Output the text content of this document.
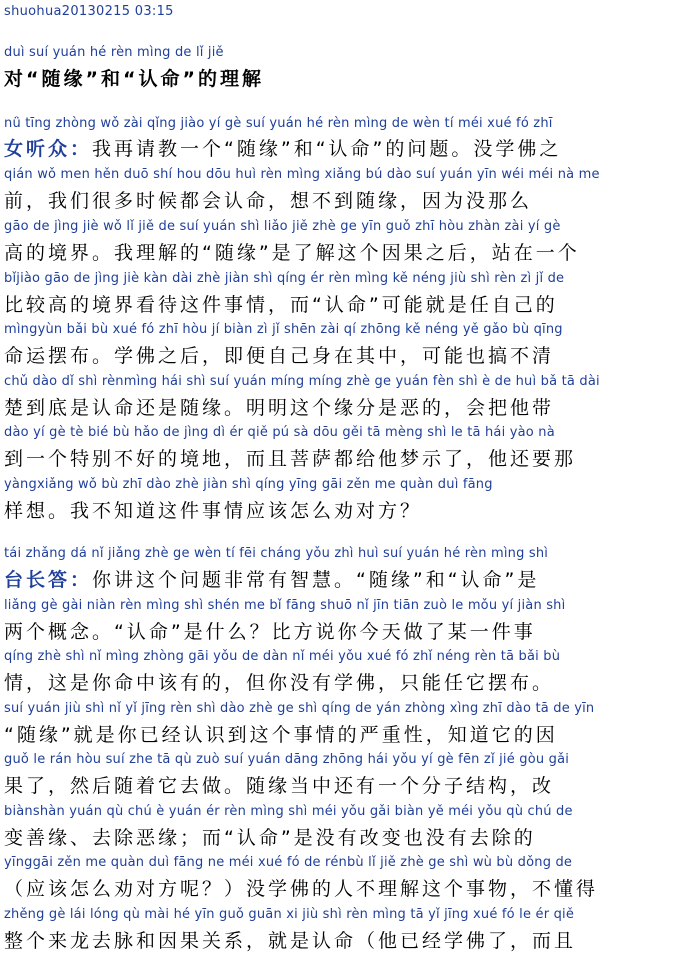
shuohua20130215 03:15
duì suí yuán hé rèn mìng de lǐ jiě
对“随缘”和“认命”的理解
nǚ tīng zhòng wǒ zài qǐng jiào yí gè suí yuán hé rèn mìng de wèn tí méi xué fó zhī
女听众：我再请教一个“随缘”和“认命”的问题。没学佛之
qián wǒ men hěn duō shí hou dōu huì rèn mìng xiǎng bú dào suí yuán yīn wéi méi nà me
前，我们很多时候都会认命，想不到随缘，因为没那么
gāo de jìng jiè wǒ lǐ jiě de suí yuán shì liǎo jiě zhè ge yīn guǒ zhī hòu zhàn zài yí gè
高的境界。我理解的“随缘”是了解这个因果之后，站在一个
bǐjiào gāo de jìng jiè kàn dài zhè jiàn shì qíng ér rèn mìng kě néng jiù shì rèn zì jǐ de
比较高的境界看待这件事情，而“认命”可能就是任自己的
mìngyùn bǎi bù xué fó zhī hòu jí biàn zì jǐ shēn zài qí zhōng kě néng yě gǎo bù qīng
命运摆布。学佛之后，即便自己身在其中，可能也搞不清
chǔ dào dǐ shì rènmìng hái shì suí yuán míng míng zhè ge yuán fèn shì è de huì bǎ tā dài
楚到底是认命还是随缘。明明这个缘分是恶的，会把他带
dào yí gè tè bié bù hǎo de jìng dì ér qiě pú sà dōu gěi tā mèng shì le tā hái yào nà
到一个特别不好的境地，而且菩萨都给他梦示了，他还要那
yàngxiǎng wǒ bù zhī dào zhè jiàn shì qíng yīng gāi zěn me quàn duì fāng
样想。我不知道这件事情应该怎么劝对方？
tái zhǎng dá nǐ jiǎng zhè ge wèn tí fēi cháng yǒu zhì huì suí yuán hé rèn mìng shì
台长答：你讲这个问题非常有智慧。“随缘”和“认命”是
liǎng gè gài niàn rèn mìng shì shén me bǐ fāng shuō nǐ jīn tiān zuò le mǒu yí jiàn shì
两个概念。“认命”是什么？比方说你今天做了某一件事
qíng zhè shì nǐ mìng zhòng gāi yǒu de dàn nǐ méi yǒu xué fó zhǐ néng rèn tā bǎi bù
情，这是你命中该有的，但你没有学佛，只能任它摆布。
suí yuán jiù shì nǐ yǐ jīng rèn shì dào zhè ge shì qíng de yán zhòng xìng zhī dào tā de yīn
“随缘”就是你已经认识到这个事情的严重性，知道它的因
guǒ le rán hòu suí zhe tā qù zuò suí yuán dāng zhōng hái yǒu yí gè fēn zǐ jié gòu gǎi
果了，然后随着它去做。随缘当中还有一个分子结构，改
biànshàn yuán qù chú è yuán ér rèn mìng shì méi yǒu gǎi biàn yě méi yǒu qù chú de
变善缘、去除恶缘；而“认命”是没有改变也没有去除的
yīnggāi zěn me quàn duì fāng ne méi xué fó de rénbù lǐ jiě zhè ge shì wù bù dǒng de
（应该怎么劝对方呢？）没学佛的人不理解这个事物，不懂得
zhěng gè lái lóng qù mài hé yīn guǒ guān xi jiù shì rèn mìng tā yǐ jīng xué fó le ér qiě
整个来龙去脉和因果关系，就是认命（他已经学佛了，而且
